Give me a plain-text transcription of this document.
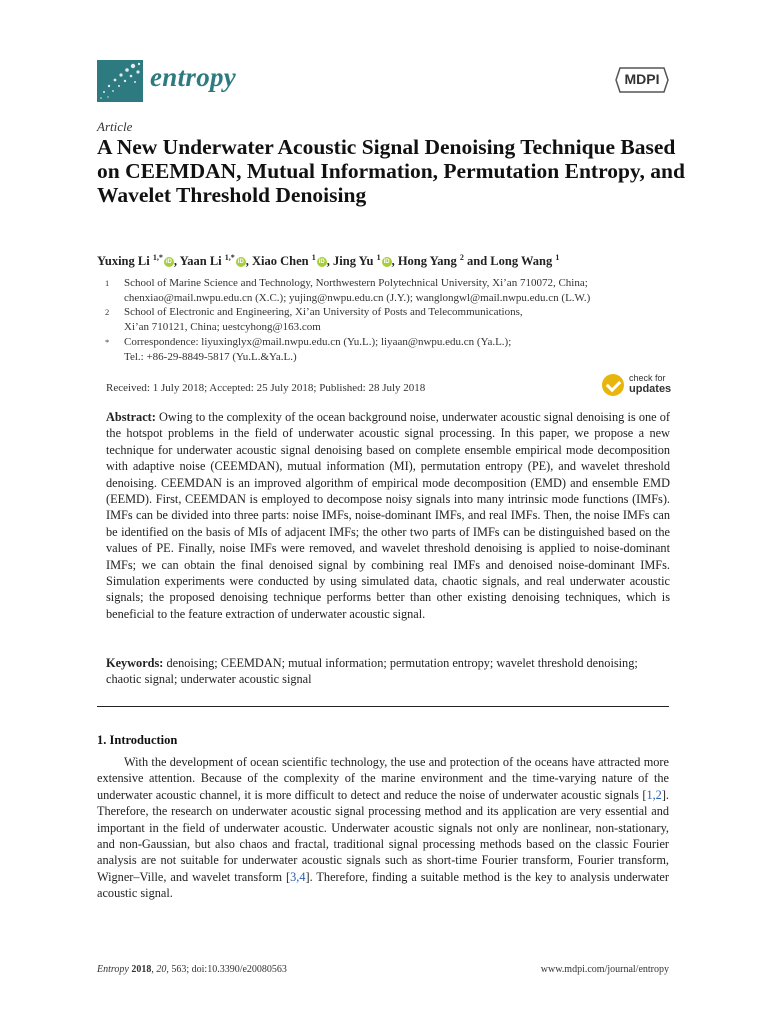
entropy	MDPI
Article
A New Underwater Acoustic Signal Denoising Technique Based on CEEMDAN, Mutual Information, Permutation Entropy, and Wavelet Threshold Denoising
Yuxing Li $^{1,*}$iD , Yaan Li $^{1,*}$iD , Xiao Chen $^1$iD , Jing Yu $^1$iD , Hong Yang $^2$ and Long Wang $^1$
1 School of Marine Science and Technology, Northwestern Polytechnical University, Xi’an 710072, China;
chenxiao@mail.nwpu.edu.cn (X.C.); yujing@nwpu.edu.cn (J.Y.); wanglongwl@mail.nwpu.edu.cn (L.W.)
2 School of Electronic and Engineering, Xi’an University of Posts and Telecommunications,
Xi’an 710121, China; uestcyhong@163.com
* Correspondence: liyuxinglyx@mail.nwpu.edu.cn (Yu.L.); liyaan@nwpu.edu.cn (Ya.L.);
Tel.: +86-29-8849-5817 (Yu.L.&Ya.L.)
Received: 1 July 2018; Accepted: 25 July 2018; Published: 28 July 2018
check for
updates
Abstract: Owing to the complexity of the ocean background noise, underwater acoustic signal denoising is one of the hotspot problems in the field of underwater acoustic signal processing. In this paper, we propose a new technique for underwater acoustic signal denoising based on complete ensemble empirical mode decomposition with adaptive noise (CEEMDAN), mutual information (MI), permutation entropy (PE), and wavelet threshold denoising. CEEMDAN is an improved algorithm of empirical mode decomposition (EMD) and ensemble EMD (EEMD). First, CEEMDAN is employed to decompose noisy signals into many intrinsic mode functions (IMFs). IMFs can be divided into three parts: noise IMFs, noise-dominant IMFs, and real IMFs. Then, the noise IMFs can be identified on the basis of MIs of adjacent IMFs; the other two parts of IMFs can be distinguished based on the values of PE. Finally, noise IMFs were removed, and wavelet threshold denoising is applied to noise-dominant IMFs; we can obtain the final denoised signal by combining real IMFs and denoised noise-dominant IMFs. Simulation experiments were conducted by using simulated data, chaotic signals, and real underwater acoustic signals; the proposed denoising technique performs better than other existing denoising techniques, which is beneficial to the feature extraction of underwater acoustic signal.
Keywords: denoising; CEEMDAN; mutual information; permutation entropy; wavelet threshold denoising; chaotic signal; underwater acoustic signal
1. Introduction
With the development of ocean scientific technology, the use and protection of the oceans have attracted more extensive attention. Because of the complexity of the marine environment and the time-varying nature of the underwater acoustic channel, it is more difficult to detect and reduce the noise of underwater acoustic signals [1,2]. Therefore, the research on underwater acoustic signal processing method and its application are very essential and important in the field of underwater acoustic. Underwater acoustic signals not only are nonlinear, non-stationary, and non-Gaussian, but also chaos and fractal, traditional signal processing methods based on the classic Fourier analysis are not suitable for underwater acoustic signals such as short-time Fourier transform, Fourier transform, Wigner–Ville, and wavelet transform [3,4]. Therefore, finding a suitable method is the key to analysis underwater acoustic signal.
Entropy 2018, 20, 563; doi:10.3390/e20080563	www.mdpi.com/journal/entropy
